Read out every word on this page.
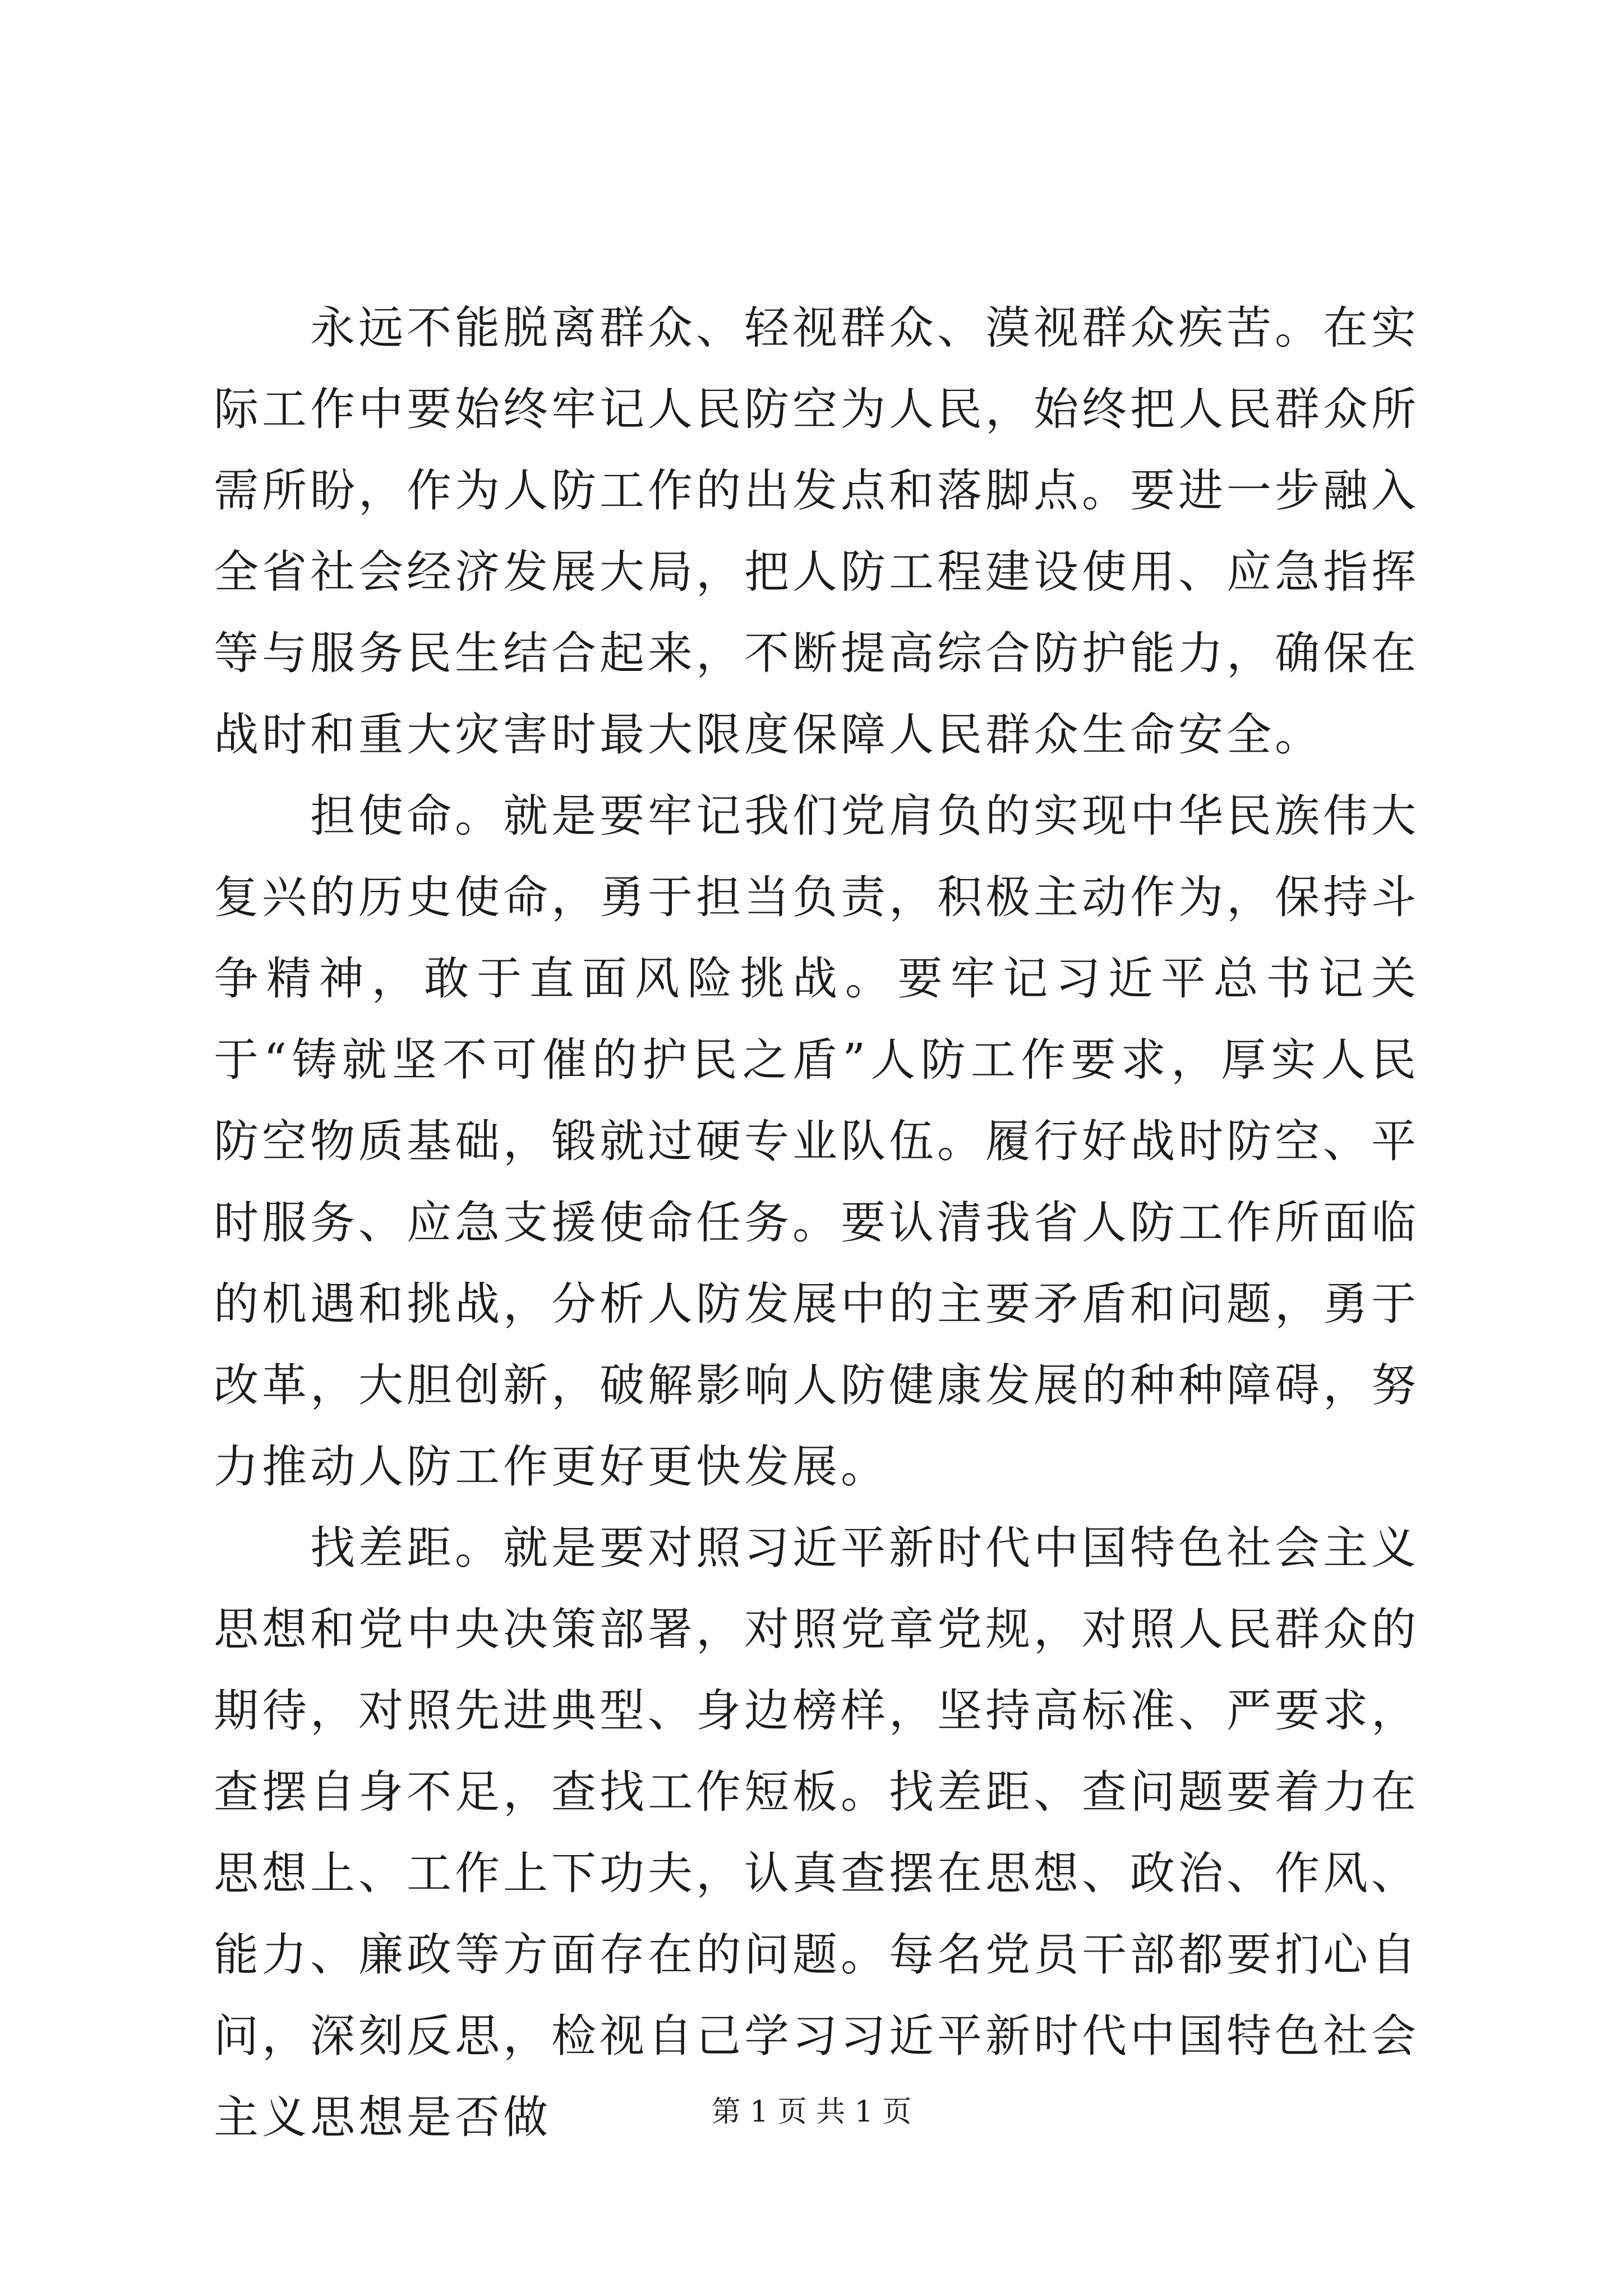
永远不能脱离群众、轻视群众、漠视群众疾苦。在实际工作中要始终牢记人民防空为人民，始终把人民群众所需所盼，作为人防工作的出发点和落脚点。要进一步融入全省社会经济发展大局，把人防工程建设使用、应急指挥等与服务民生结合起来，不断提高综合防护能力，确保在战时和重大灾害时最大限度保障人民群众生命安全。

担使命。就是要牢记我们党肩负的实现中华民族伟大复兴的历史使命，勇于担当负责，积极主动作为，保持斗争精神，敢于直面风险挑战。要牢记习近平总书记关于“铸就坚不可催的护民之盾”人防工作要求，厚实人民防空物质基础，锻就过硬专业队伍。履行好战时防空、平时服务、应急支援使命任务。要认清我省人防工作所面临的机遇和挑战，分析人防发展中的主要矛盾和问题，勇于改革，大胆创新，破解影响人防健康发展的种种障碍，努力推动人防工作更好更快发展。

找差距。就是要对照习近平新时代中国特色社会主义思想和党中央决策部署，对照党章党规，对照人民群众的期待，对照先进典型、身边榜样，坚持高标准、严要求，查摆自身不足，查找工作短板。找差距、查问题要着力在思想上、工作上下功夫，认真查摆在思想、政治、作风、能力、廉政等方面存在的问题。每名党员干部都要扪心自问，深刻反思，检视自己学习习近平新时代中国特色社会主义思想是否做	第 1 页 共 1 页
